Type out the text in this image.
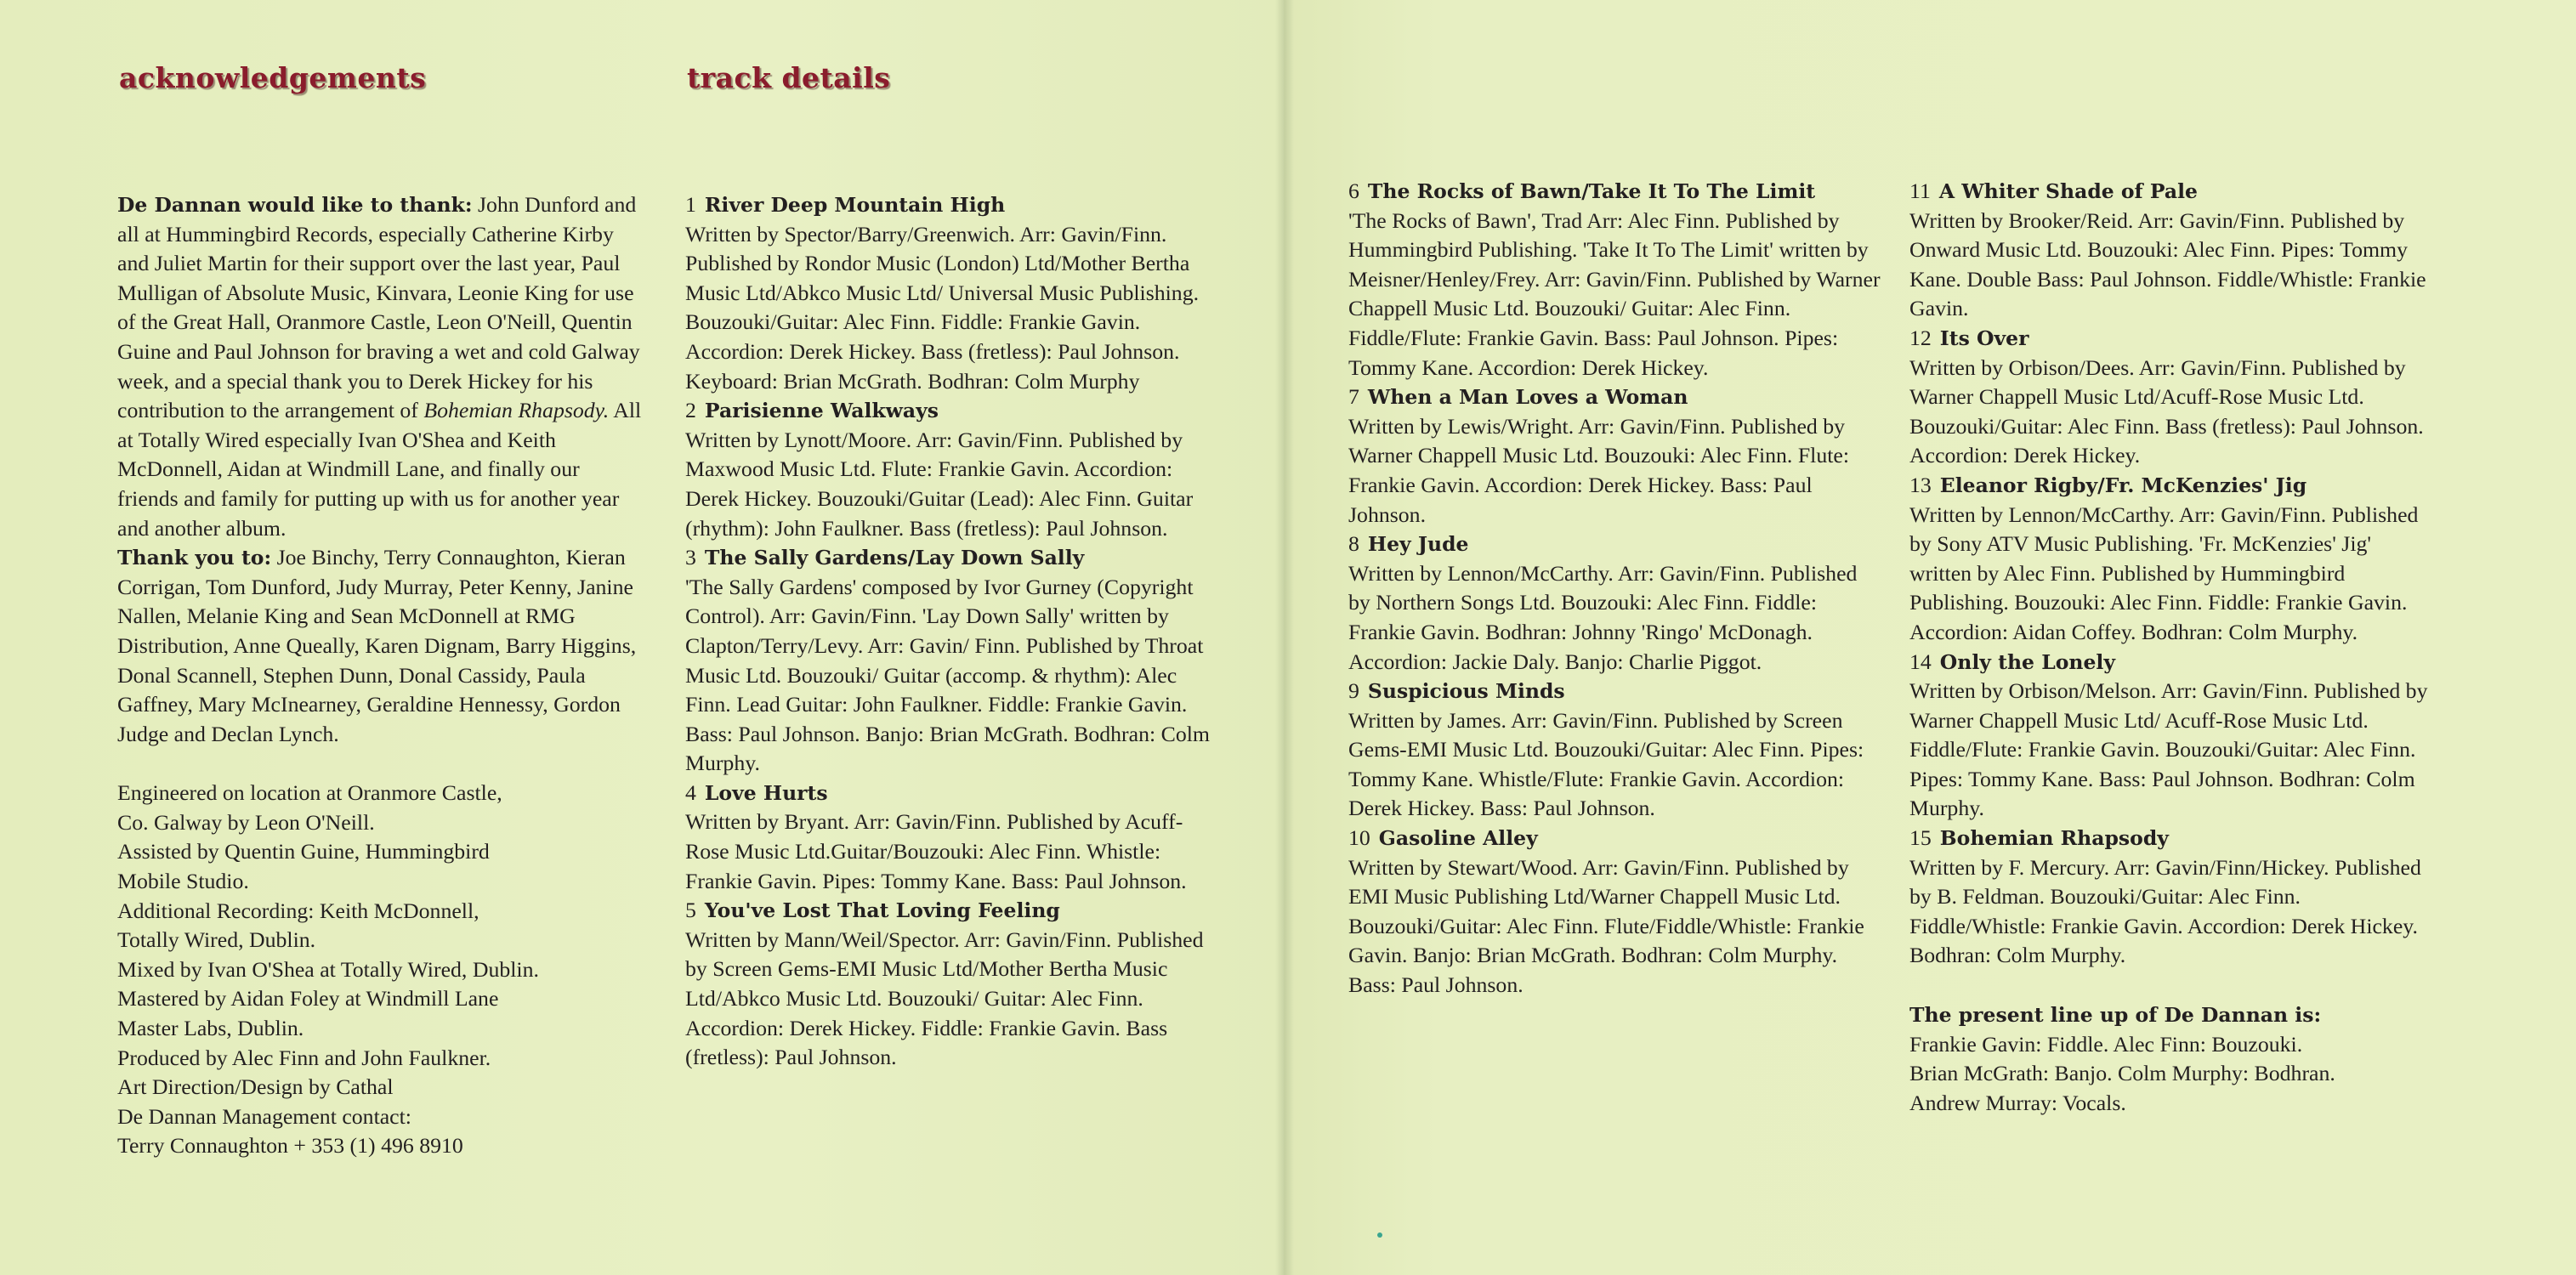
acknowledgements
De Dannan would like to thank: John Dunford and all at Hummingbird Records, especially Catherine Kirby and Juliet Martin for their support over the last year, Paul Mulligan of Absolute Music, Kinvara, Leonie King for use of the Great Hall, Oranmore Castle, Leon O'Neill, Quentin Guine and Paul Johnson for braving a wet and cold Galway week, and a special thank you to Derek Hickey for his contribution to the arrangement of Bohemian Rhapsody. All at Totally Wired especially Ivan O'Shea and Keith McDonnell, Aidan at Windmill Lane, and finally our friends and family for putting up with us for another year and another album.
Thank you to: Joe Binchy, Terry Connaughton, Kieran Corrigan, Tom Dunford, Judy Murray, Peter Kenny, Janine Nallen, Melanie King and Sean McDonnell at RMG Distribution, Anne Queally, Karen Dignam, Barry Higgins, Donal Scannell, Stephen Dunn, Donal Cassidy, Paula Gaffney, Mary McInearney, Geraldine Hennessy, Gordon Judge and Declan Lynch.
Engineered on location at Oranmore Castle,
Co. Galway by Leon O'Neill.
Assisted by Quentin Guine, Hummingbird
Mobile Studio.
Additional Recording: Keith McDonnell,
Totally Wired, Dublin.
Mixed by Ivan O'Shea at Totally Wired, Dublin.
Mastered by Aidan Foley at Windmill Lane
Master Labs, Dublin.
Produced by Alec Finn and John Faulkner.
Art Direction/Design by Cathal
De Dannan Management contact:
Terry Connaughton + 353 (1) 496 8910
track details
1 River Deep Mountain High
Written by Spector/Barry/Greenwich. Arr: Gavin/Finn. Published by Rondor Music (London) Ltd/Mother Bertha Music Ltd/Abkco Music Ltd/ Universal Music Publishing. Bouzouki/Guitar: Alec Finn. Fiddle: Frankie Gavin. Accordion: Derek Hickey. Bass (fretless): Paul Johnson. Keyboard: Brian McGrath. Bodhran: Colm Murphy
2 Parisienne Walkways
Written by Lynott/Moore. Arr: Gavin/Finn. Published by Maxwood Music Ltd. Flute: Frankie Gavin. Accordion: Derek Hickey. Bouzouki/Guitar (Lead): Alec Finn. Guitar (rhythm): John Faulkner. Bass (fretless): Paul Johnson.
3 The Sally Gardens/Lay Down Sally
'The Sally Gardens' composed by Ivor Gurney (Copyright Control). Arr: Gavin/Finn. 'Lay Down Sally' written by Clapton/Terry/Levy. Arr: Gavin/ Finn. Published by Throat Music Ltd. Bouzouki/ Guitar (accomp. & rhythm): Alec Finn. Lead Guitar: John Faulkner. Fiddle: Frankie Gavin. Bass: Paul Johnson. Banjo: Brian McGrath. Bodhran: Colm Murphy.
4 Love Hurts
Written by Bryant. Arr: Gavin/Finn. Published by Acuff-Rose Music Ltd.Guitar/Bouzouki: Alec Finn. Whistle: Frankie Gavin. Pipes: Tommy Kane. Bass: Paul Johnson.
5 You've Lost That Loving Feeling
Written by Mann/Weil/Spector. Arr: Gavin/Finn. Published by Screen Gems-EMI Music Ltd/Mother Bertha Music Ltd/Abkco Music Ltd. Bouzouki/ Guitar: Alec Finn. Accordion: Derek Hickey. Fiddle: Frankie Gavin. Bass (fretless): Paul Johnson.
6 The Rocks of Bawn/Take It To The Limit
'The Rocks of Bawn', Trad Arr: Alec Finn. Published by Hummingbird Publishing. 'Take It To The Limit' written by Meisner/Henley/Frey. Arr: Gavin/Finn. Published by Warner Chappell Music Ltd. Bouzouki/ Guitar: Alec Finn. Fiddle/Flute: Frankie Gavin. Bass: Paul Johnson. Pipes: Tommy Kane. Accordion: Derek Hickey.
7 When a Man Loves a Woman
Written by Lewis/Wright. Arr: Gavin/Finn. Published by Warner Chappell Music Ltd. Bouzouki: Alec Finn. Flute: Frankie Gavin. Accordion: Derek Hickey. Bass: Paul Johnson.
8 Hey Jude
Written by Lennon/McCarthy. Arr: Gavin/Finn. Published by Northern Songs Ltd. Bouzouki: Alec Finn. Fiddle: Frankie Gavin. Bodhran: Johnny 'Ringo' McDonagh. Accordion: Jackie Daly. Banjo: Charlie Piggot.
9 Suspicious Minds
Written by James. Arr: Gavin/Finn. Published by Screen Gems-EMI Music Ltd. Bouzouki/Guitar: Alec Finn. Pipes: Tommy Kane. Whistle/Flute: Frankie Gavin. Accordion: Derek Hickey. Bass: Paul Johnson.
10 Gasoline Alley
Written by Stewart/Wood. Arr: Gavin/Finn. Published by EMI Music Publishing Ltd/Warner Chappell Music Ltd. Bouzouki/Guitar: Alec Finn. Flute/Fiddle/Whistle: Frankie Gavin. Banjo: Brian McGrath. Bodhran: Colm Murphy. Bass: Paul Johnson.
11 A Whiter Shade of Pale
Written by Brooker/Reid. Arr: Gavin/Finn. Published by Onward Music Ltd. Bouzouki: Alec Finn. Pipes: Tommy Kane. Double Bass: Paul Johnson. Fiddle/Whistle: Frankie Gavin.
12 Its Over
Written by Orbison/Dees. Arr: Gavin/Finn. Published by Warner Chappell Music Ltd/Acuff-Rose Music Ltd. Bouzouki/Guitar: Alec Finn. Bass (fretless): Paul Johnson. Accordion: Derek Hickey.
13 Eleanor Rigby/Fr. McKenzies' Jig
Written by Lennon/McCarthy. Arr: Gavin/Finn. Published by Sony ATV Music Publishing. 'Fr. McKenzies' Jig' written by Alec Finn. Published by Hummingbird Publishing. Bouzouki: Alec Finn. Fiddle: Frankie Gavin. Accordion: Aidan Coffey. Bodhran: Colm Murphy.
14 Only the Lonely
Written by Orbison/Melson. Arr: Gavin/Finn. Published by Warner Chappell Music Ltd/ Acuff-Rose Music Ltd. Fiddle/Flute: Frankie Gavin. Bouzouki/Guitar: Alec Finn. Pipes: Tommy Kane. Bass: Paul Johnson. Bodhran: Colm Murphy.
15 Bohemian Rhapsody
Written by F. Mercury. Arr: Gavin/Finn/Hickey. Published by B. Feldman. Bouzouki/Guitar: Alec Finn. Fiddle/Whistle: Frankie Gavin. Accordion: Derek Hickey. Bodhran: Colm Murphy.
The present line up of De Dannan is:
Frankie Gavin: Fiddle. Alec Finn: Bouzouki.
Brian McGrath: Banjo. Colm Murphy: Bodhran.
Andrew Murray: Vocals.
